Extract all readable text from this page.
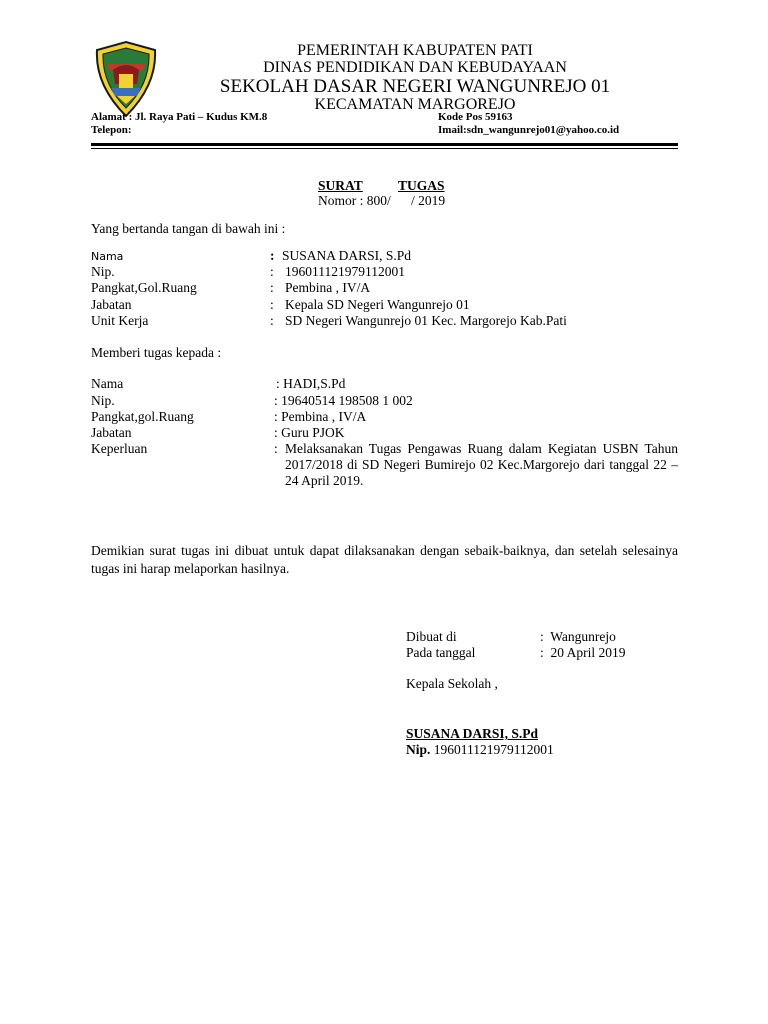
PEMERINTAH KABUPATEN PATI
DINAS PENDIDIKAN DAN KEBUDAYAAN
SEKOLAH DASAR NEGERI WANGUNREJO 01
KECAMATAN MARGOREJO
Alamat : Jl. Raya Pati – Kudus KM.8	Kode Pos 59163
Telepon:	Imail:sdn_wangunrejo01@yahoo.co.id
SURAT	TUGAS
Nomor : 800/      / 2019
Yang bertanda tangan di bawah ini :
Nama	: SUSANA DARSI, S.Pd
Nip.	: 196011121979112001
Pangkat,Gol.Ruang	: Pembina , IV/A
Jabatan	: Kepala SD Negeri Wangunrejo 01
Unit Kerja	: SD Negeri Wangunrejo 01 Kec. Margorejo Kab.Pati
Memberi tugas kepada :
Nama	: HADI,S.Pd
Nip.	: 19640514 198508 1 002
Pangkat,gol.Ruang	: Pembina , IV/A
Jabatan	: Guru PJOK
Keperluan	: Melaksanakan Tugas Pengawas Ruang dalam Kegiatan USBN Tahun 2017/2018 di SD Negeri Bumirejo 02 Kec.Margorejo dari tanggal 22 – 24 April 2019.
Demikian surat tugas ini dibuat untuk dapat dilaksanakan dengan sebaik-baiknya, dan setelah selesainya tugas ini harap melaporkan hasilnya.
Dibuat di	:  Wangunrejo
Pada tanggal	:  20 April 2019
Kepala Sekolah ,
SUSANA DARSI, S.Pd
Nip. 196011121979112001
